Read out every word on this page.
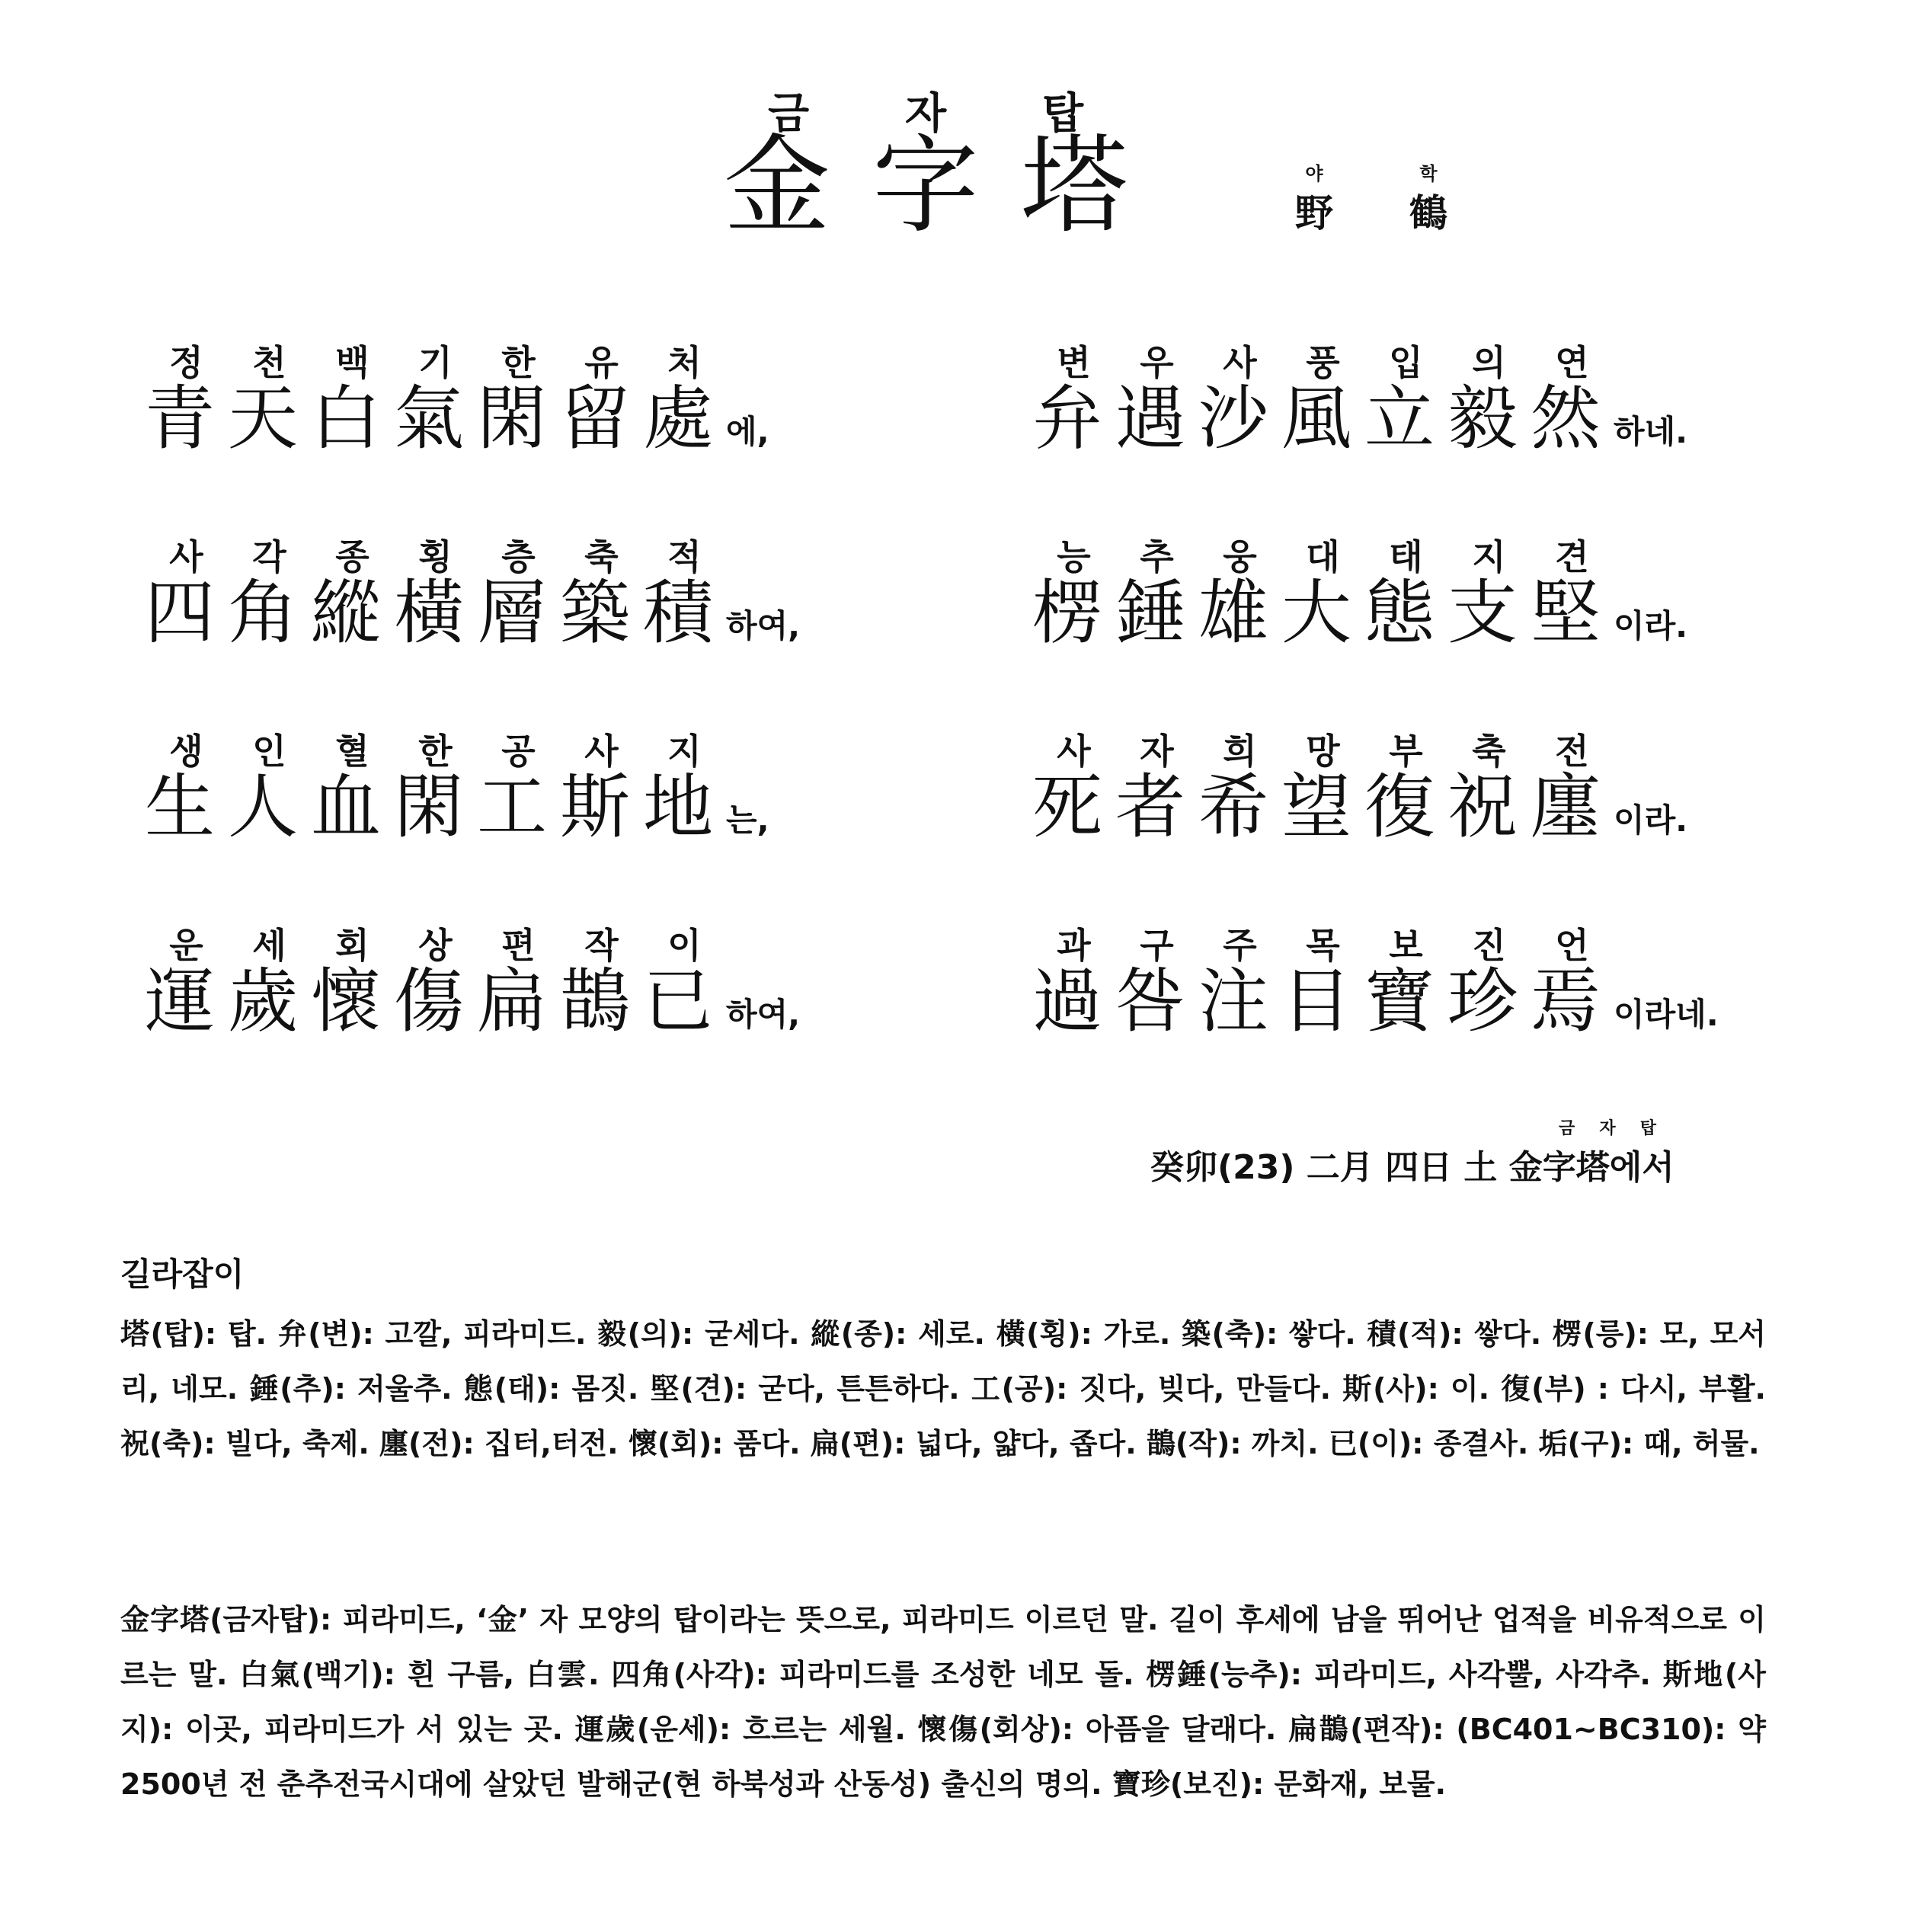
금	자	탑
金 字 塔	야	학
野 鶴
정	천	백	기	한	유	처
青天白氣閑留處 에,
사	각	종	횡	층	축	적
四角縱橫層築積 하여,
생	인	혈	한	공	사	지
生人血閑工斯地 는,
운	세	회	상	편	작	이
運歲懷傷扁鵲已 하여,
변	우	사	풍	입	의	연
弁遇沙風立毅然 하네.
능	추	웅	대	태	지	견
楞錘雄大態支堅 이라.
사	자	희	망	부	축	전
死者希望復祝廛 이라.
과	구	주	목	보	진	언
過咎注目寶珍焉 이라네.
금 자 탑
癸卯(23) 二月 四日 土 金字塔에서
길라잡이
塔(탑): 탑. 弁(변): 고깔, 피라미드. 毅(의): 굳세다. 縱(종): 세로. 橫(횡): 가로. 築(축): 쌓다. 積(적): 쌓다. 楞(릉): 모, 모서리, 네모. 錘(추): 저울추. 態(태): 몸짓. 堅(견): 굳다, 튼튼하다. 工(공): 짓다, 빚다, 만들다. 斯(사): 이. 復(부) : 다시, 부활. 祝(축): 빌다, 축제. 廛(전): 집터,터전. 懷(회): 품다. 扁(편): 넓다, 얇다, 좁다. 鵲(작): 까치. 已(이): 종결사. 垢(구): 때, 허물.
金字塔(금자탑): 피라미드, ‘金’ 자 모양의 탑이라는 뜻으로, 피라미드 이르던 말. 길이 후세에 남을 뛰어난 업적을 비유적으로 이르는 말. 白氣(백기): 흰 구름, 白雲. 四角(사각): 피라미드를 조성한 네모 돌. 楞錘(능추): 피라미드, 사각뿔, 사각추. 斯地(사지): 이곳, 피라미드가 서 있는 곳. 運歲(운세): 흐르는 세월. 懷傷(회상): 아픔을 달래다. 扁鵲(편작): (BC401~BC310): 약2500년 전 춘추전국시대에 살았던 발해군(현 하북성과 산동성) 출신의 명의. 寶珍(보진): 문화재, 보물.
